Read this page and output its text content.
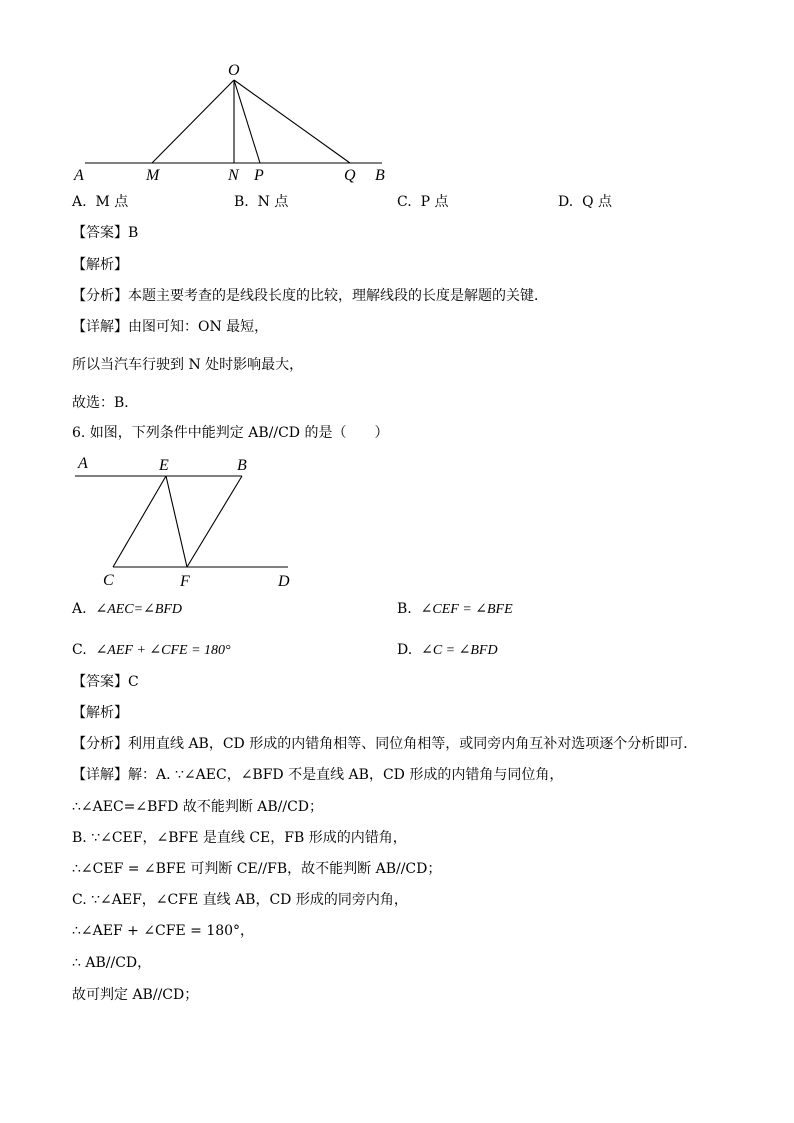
O
A	M	N P	Q B
A. M 点	B. N 点	C. P 点	D. Q 点
【答案】B
【解析】
【分析】本题主要考查的是线段长度的比较，理解线段的长度是解题的关键．
【详解】由图可知：ON 最短，
所以当汽车行驶到 N 处时影响最大，
故选：B．
6. 如图，下列条件中能判定 AB//CD 的是（　　）
A	E	B
C	F	D
A. ∠AEC=∠BFD	B. ∠CEF = ∠BFE
C. ∠AEF + ∠CFE = 180°	D. ∠C = ∠BFD
【答案】C
【解析】
【分析】利用直线 AB，CD 形成的内错角相等、同位角相等，或同旁内角互补对选项逐个分析即可．
【详解】解：A. ∵∠AEC，∠BFD 不是直线 AB，CD 形成的内错角与同位角，
∴∠AEC=∠BFD 故不能判断 AB//CD；
B. ∵∠CEF，∠BFE 是直线 CE，FB 形成的内错角，
∴∠CEF = ∠BFE 可判断 CE//FB，故不能判断 AB//CD；
C. ∵∠AEF，∠CFE 直线 AB，CD 形成的同旁内角，
∴∠AEF + ∠CFE = 180°，
∴ AB//CD，
故可判定 AB//CD；
